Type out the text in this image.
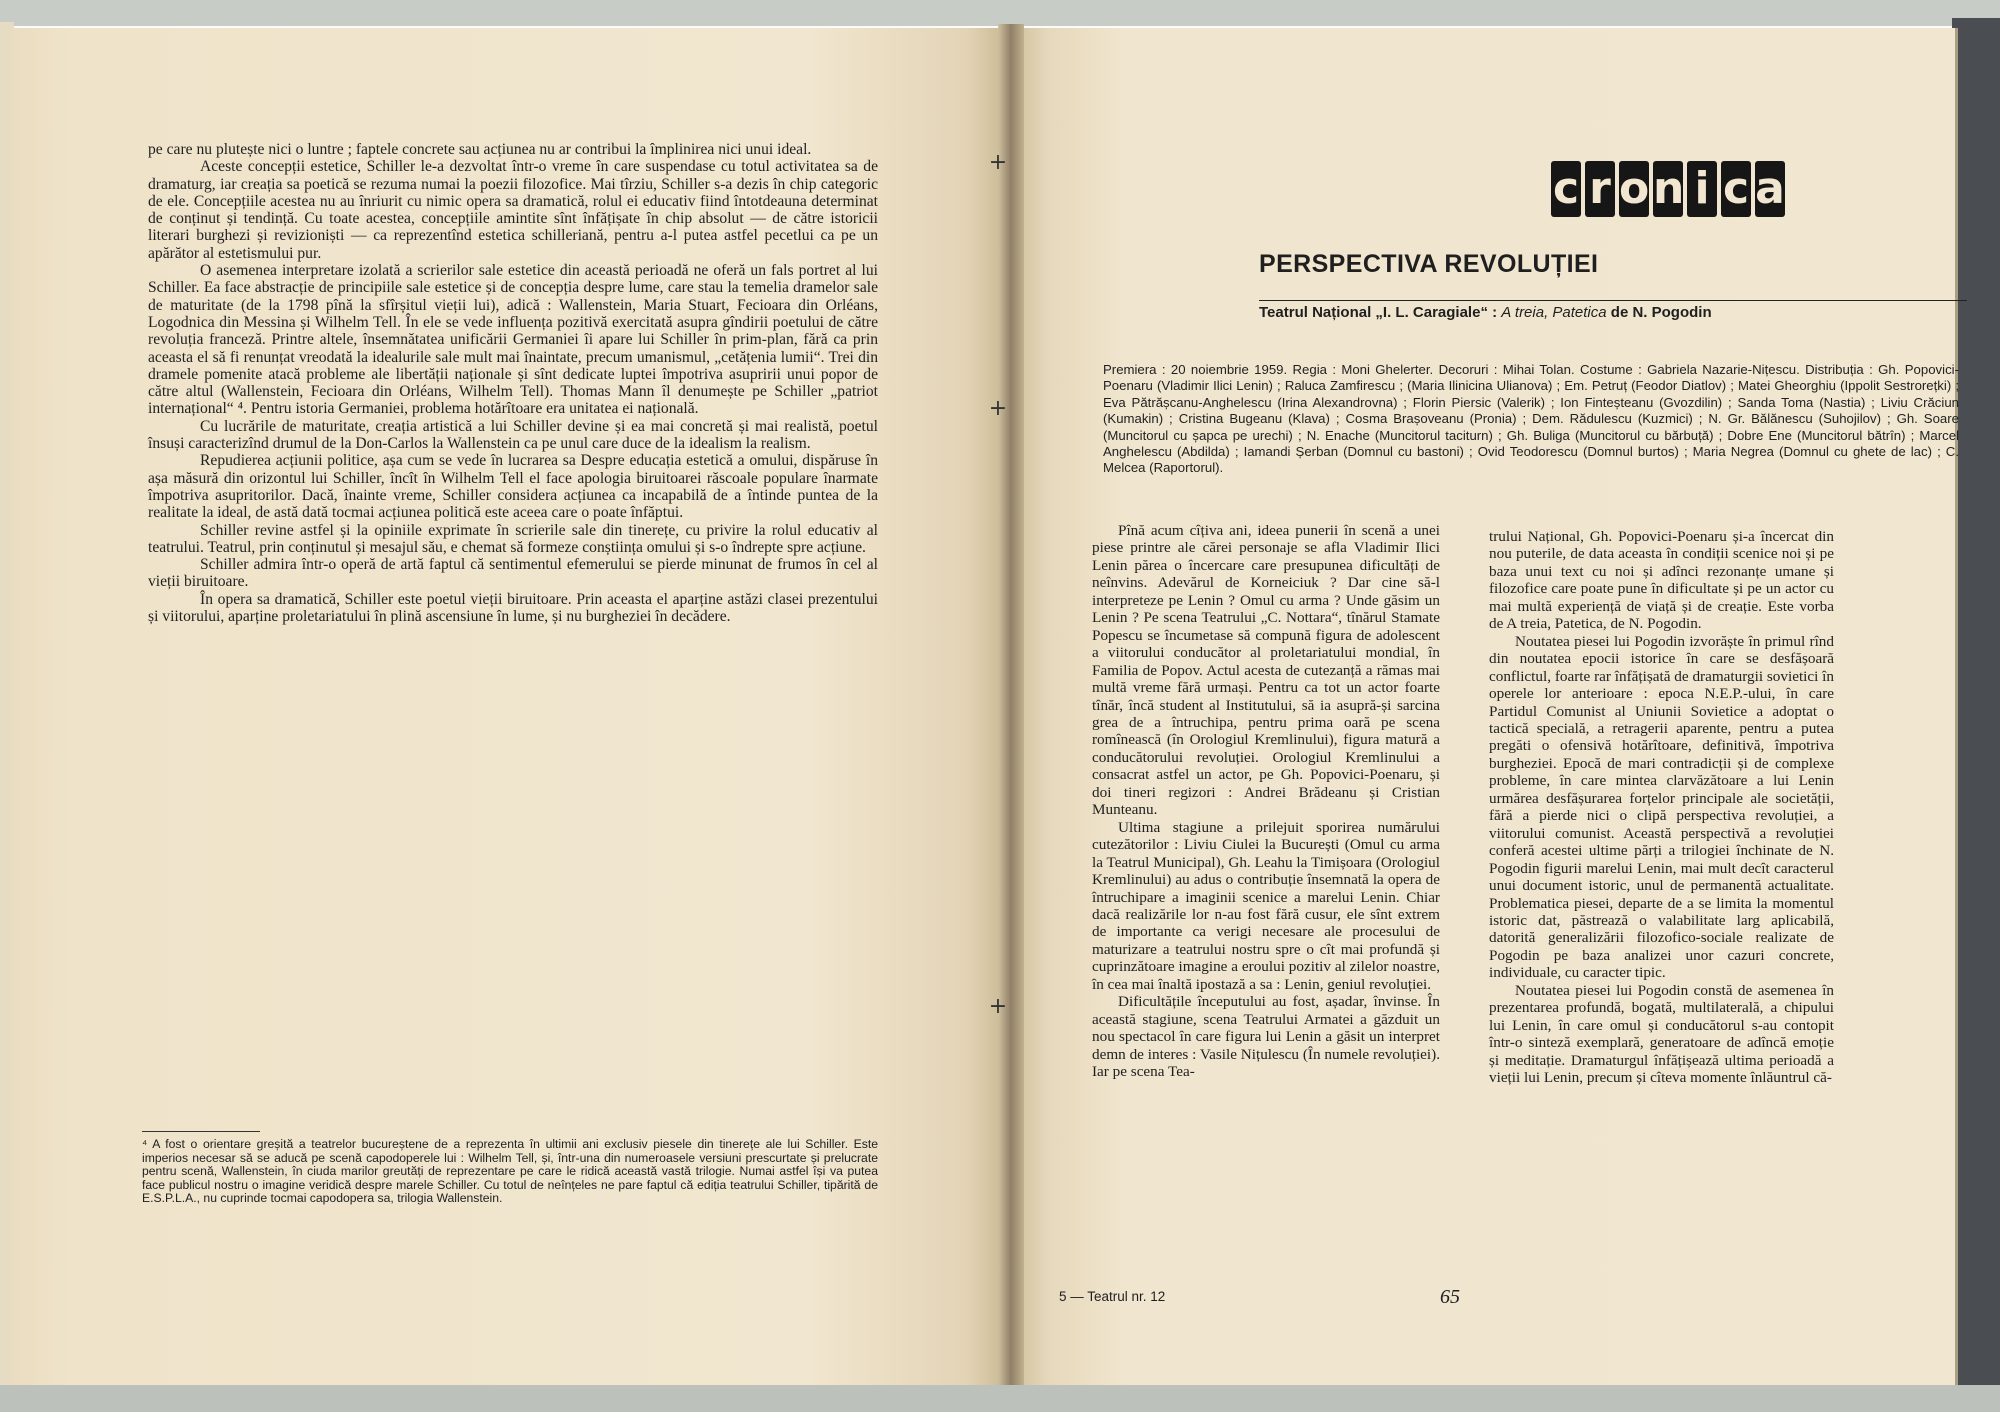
+
+
+

pe care nu plutește nici o luntre ; faptele concrete sau acțiunea nu ar contribui la împlinirea nici unui ideal.

Aceste concepții estetice, Schiller le-a dezvoltat într-o vreme în care suspendase cu totul activitatea sa de dramaturg, iar creația sa poetică se rezuma numai la poezii filozofice. Mai tîrziu, Schiller s-a dezis în chip categoric de ele. Concepțiile acestea nu au înriurit cu nimic opera sa dramatică, rolul ei educativ fiind întotdeauna determinat de conținut și tendință. Cu toate acestea, concepțiile amintite sînt înfățișate în chip absolut — de către istoricii literari burghezi și revizioniști — ca reprezentînd estetica schilleriană, pentru a-l putea astfel pecetlui ca pe un apărător al estetismului pur.

O asemenea interpretare izolată a scrierilor sale estetice din această perioadă ne oferă un fals portret al lui Schiller. Ea face abstracție de principiile sale estetice și de concepția despre lume, care stau la temelia dramelor sale de maturitate (de la 1798 pînă la sfîrșitul vieții lui), adică : Wallenstein, Maria Stuart, Fecioara din Orléans, Logodnica din Messina și Wilhelm Tell. În ele se vede influența pozitivă exercitată asupra gîndirii poetului de către revoluția franceză. Printre altele, însemnătatea unificării Germaniei îi apare lui Schiller în prim-plan, fără ca prin aceasta el să fi renunțat vreodată la idealurile sale mult mai înaintate, precum umanismul, „cetățenia lumii“. Trei din dramele pomenite atacă probleme ale libertății naționale și sînt dedicate luptei împotriva asupririi unui popor de către altul (Wallenstein, Fecioara din Orléans, Wilhelm Tell). Thomas Mann îl denumește pe Schiller „patriot internațional“ ⁴. Pentru istoria Germaniei, problema hotărîtoare era unitatea ei națională.

Cu lucrările de maturitate, creația artistică a lui Schiller devine și ea mai concretă și mai realistă, poetul însuși caracterizînd drumul de la Don-Carlos la Wallenstein ca pe unul care duce de la idealism la realism.

Repudierea acțiunii politice, așa cum se vede în lucrarea sa Despre educația estetică a omului, dispăruse în așa măsură din orizontul lui Schiller, încît în Wilhelm Tell el face apologia biruitoarei răscoale populare înarmate împotriva asupritorilor. Dacă, înainte vreme, Schiller considera acțiunea ca incapabilă de a întinde puntea de la realitate la ideal, de astă dată tocmai acțiunea politică este aceea care o poate înfăptui.

Schiller revine astfel și la opiniile exprimate în scrierile sale din tinerețe, cu privire la rolul educativ al teatrului. Teatrul, prin conținutul și mesajul său, e chemat să formeze conștiința omului și s-o îndrepte spre acțiune.

Schiller admira într-o operă de artă faptul că sentimentul efemerului se pierde minunat de frumos în cel al vieții biruitoare.

În opera sa dramatică, Schiller este poetul vieții biruitoare. Prin aceasta el aparține astăzi clasei prezentului și viitorului, aparține proletariatului în plină ascensiune în lume, și nu burgheziei în decădere.

⁴ A fost o orientare greșită a teatrelor bucureștene de a reprezenta în ultimii ani exclusiv piesele din tinerețe ale lui Schiller. Este imperios necesar să se aducă pe scenă capodoperele lui : Wilhelm Tell, și, într-una din numeroasele versiuni prescurtate și prelucrate pentru scenă, Wallenstein, în ciuda marilor greutăți de reprezentare pe care le ridică această vastă trilogie. Numai astfel își va putea face publicul nostru o imagine veridică despre marele Schiller. Cu totul de neînțeles ne pare faptul că ediția teatrului Schiller, tipărită de E.S.P.L.A., nu cuprinde tocmai capodopera sa, trilogia Wallenstein.
c r o n i c a
PERSPECTIVA REVOLUȚIEI
Teatrul Național „I. L. Caragiale“ : A treia, Patetica de N. Pogodin
Premiera : 20 noiembrie 1959. Regia : Moni Ghelerter. Decoruri : Mihai Tolan. Costume : Gabriela Nazarie-Nițescu. Distribuția : Gh. Popovici-Poenaru (Vladimir Ilici Lenin) ; Raluca Zamfirescu ; (Maria Ilinicina Ulianova) ; Em. Petruț (Feodor Diatlov) ; Matei Gheorghiu (Ippolit Sestrorețki) ; Eva Pătrășcanu-Anghelescu (Irina Alexandrovna) ; Florin Piersic (Valerik) ; Ion Finteșteanu (Gvozdilin) ; Sanda Toma (Nastia) ; Liviu Crăciun (Kumakin) ; Cristina Bugeanu (Klava) ; Cosma Brașoveanu (Pronia) ; Dem. Rădulescu (Kuzmici) ; N. Gr. Bălănescu (Suhojilov) ; Gh. Soare (Muncitorul cu șapca pe urechi) ; N. Enache (Muncitorul taciturn) ; Gh. Buliga (Muncitorul cu bărbuță) ; Dobre Ene (Muncitorul bătrîn) ; Marcel Anghelescu (Abdilda) ; Iamandi Șerban (Domnul cu bastoni) ; Ovid Teodorescu (Domnul burtos) ; Maria Negrea (Domnul cu ghete de lac) ; C. Melcea (Raportorul).

Pînă acum cîțiva ani, ideea punerii în scenă a unei piese printre ale cărei personaje se afla Vladimir Ilici Lenin părea o încercare care presupunea dificultăți de neînvins. Adevărul de Korneiciuk ? Dar cine să-l interpreteze pe Lenin ? Omul cu arma ? Unde găsim un Lenin ? Pe scena Teatrului „C. Nottara“, tînărul Stamate Popescu se încumetase să compună figura de adolescent a viitorului conducător al proletariatului mondial, în Familia de Popov. Actul acesta de cutezanță a rămas mai multă vreme fără urmași. Pentru ca tot un actor foarte tînăr, încă student al Institutului, să ia asupră-și sarcina grea de a întruchipa, pentru prima oară pe scena romînească (în Orologiul Kremlinului), figura matură a conducătorului revoluției. Orologiul Kremlinului a consacrat astfel un actor, pe Gh. Popovici-Poenaru, și doi tineri regizori : Andrei Brădeanu și Cristian Munteanu.

Ultima stagiune a prilejuit sporirea numărului cutezătorilor : Liviu Ciulei la București (Omul cu arma la Teatrul Municipal), Gh. Leahu la Timișoara (Orologiul Kremlinului) au adus o contribuție însemnată la opera de întruchipare a imaginii scenice a marelui Lenin. Chiar dacă realizările lor n-au fost fără cusur, ele sînt extrem de importante ca verigi necesare ale procesului de maturizare a teatrului nostru spre o cît mai profundă și cuprinzătoare imagine a eroului pozitiv al zilelor noastre, în cea mai înaltă ipostază a sa : Lenin, geniul revoluției.

Dificultățile începutului au fost, așadar, învinse. În această stagiune, scena Teatrului Armatei a găzduit un nou spectacol în care figura lui Lenin a găsit un interpret demn de interes : Vasile Nițulescu (În numele revoluției). Iar pe scena Tea-

trului Național, Gh. Popovici-Poenaru și-a încercat din nou puterile, de data aceasta în condiții scenice noi și pe baza unui text cu noi și adînci rezonanțe umane și filozofice care poate pune în dificultate și pe un actor cu mai multă experiență de viață și de creație. Este vorba de A treia, Patetica, de N. Pogodin.

Noutatea piesei lui Pogodin izvorăște în primul rînd din noutatea epocii istorice în care se desfășoară conflictul, foarte rar înfățișată de dramaturgii sovietici în operele lor anterioare : epoca N.E.P.-ului, în care Partidul Comunist al Uniunii Sovietice a adoptat o tactică specială, a retragerii aparente, pentru a putea pregăti o ofensivă hotărîtoare, definitivă, împotriva burgheziei. Epocă de mari contradicții și de complexe probleme, în care mintea clarvăzătoare a lui Lenin urmărea desfășurarea forțelor principale ale societății, fără a pierde nici o clipă perspectiva revoluției, a viitorului comunist. Această perspectivă a revoluției conferă acestei ultime părți a trilogiei închinate de N. Pogodin figurii marelui Lenin, mai mult decît caracterul unui document istoric, unul de permanentă actualitate. Problematica piesei, departe de a se limita la momentul istoric dat, păstrează o valabilitate larg aplicabilă, datorită generalizării filozofico-sociale realizate de Pogodin pe baza analizei unor cazuri concrete, individuale, cu caracter tipic.

Noutatea piesei lui Pogodin constă de asemenea în prezentarea profundă, bogată, multilaterală, a chipului lui Lenin, în care omul și conducătorul s-au contopit într-o sinteză exemplară, generatoare de adîncă emoție și meditație. Dramaturgul înfățișează ultima perioadă a vieții lui Lenin, precum și cîteva momente înlăuntrul că-

5 — Teatrul nr. 12	65
